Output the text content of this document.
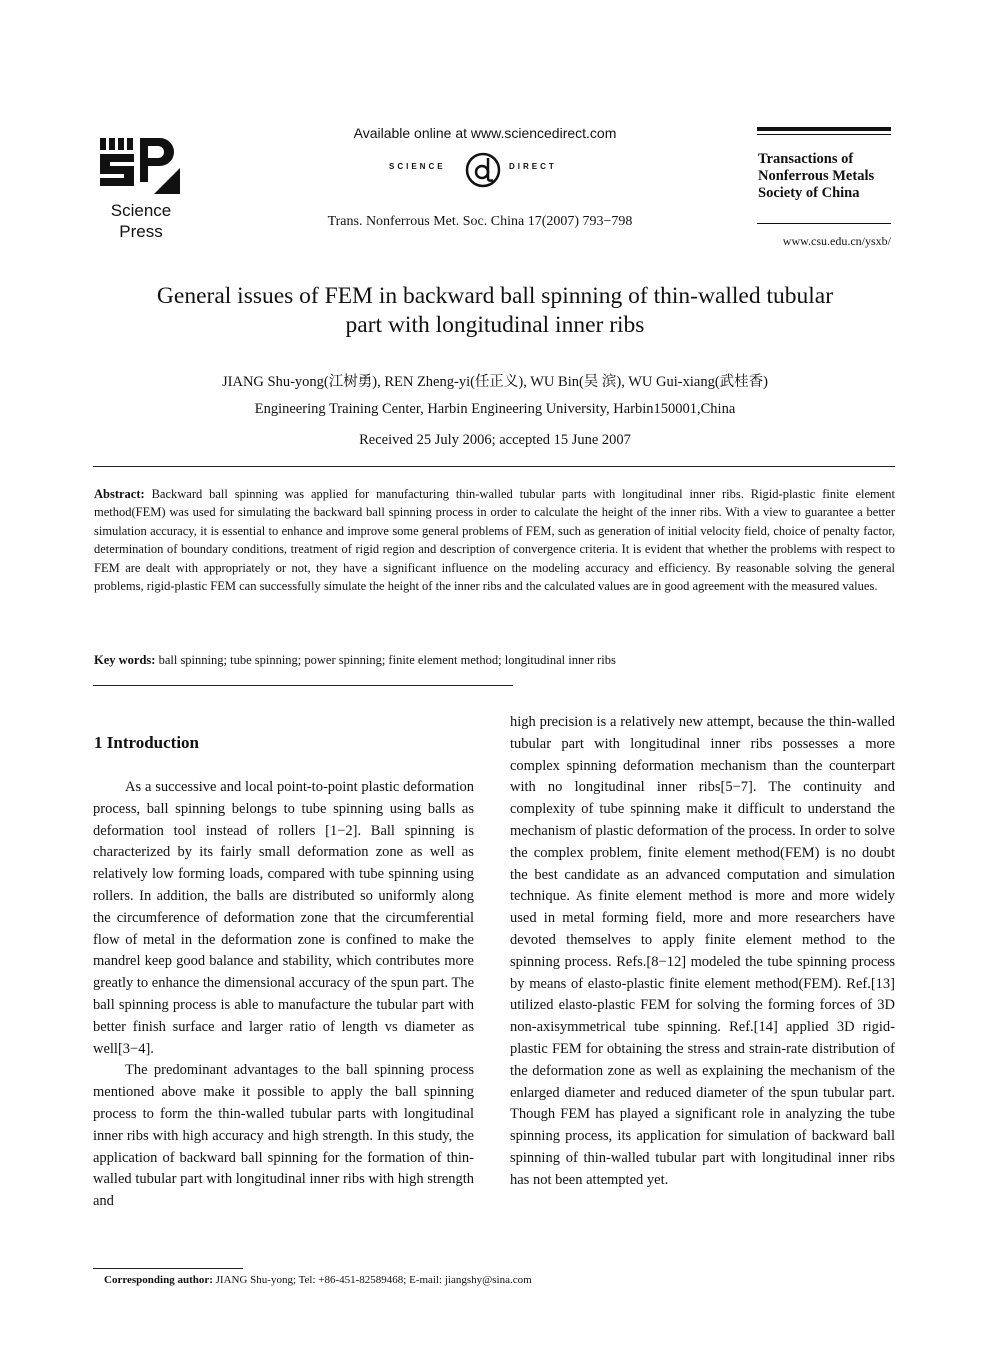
Science Press
Available online at www.sciencedirect.com
SCIENCE	DIRECT
Trans. Nonferrous Met. Soc. China 17(2007) 793−798
Transactions of Nonferrous Metals Society of China
www.csu.edu.cn/ysxb/
General issues of FEM in backward ball spinning of thin-walled tubular part with longitudinal inner ribs
JIANG Shu-yong(江树勇), REN Zheng-yi(任正义), WU Bin(吴 滨), WU Gui-xiang(武桂香)
Engineering Training Center, Harbin Engineering University, Harbin150001,China
Received 25 July 2006; accepted 15 June 2007
Abstract: Backward ball spinning was applied for manufacturing thin-walled tubular parts with longitudinal inner ribs. Rigid-plastic finite element method(FEM) was used for simulating the backward ball spinning process in order to calculate the height of the inner ribs. With a view to guarantee a better simulation accuracy, it is essential to enhance and improve some general problems of FEM, such as generation of initial velocity field, choice of penalty factor, determination of boundary conditions, treatment of rigid region and description of convergence criteria. It is evident that whether the problems with respect to FEM are dealt with appropriately or not, they have a significant influence on the modeling accuracy and efficiency. By reasonable solving the general problems, rigid-plastic FEM can successfully simulate the height of the inner ribs and the calculated values are in good agreement with the measured values.
Key words: ball spinning; tube spinning; power spinning; finite element method; longitudinal inner ribs
1 Introduction

As a successive and local point-to-point plastic deformation process, ball spinning belongs to tube spinning using balls as deformation tool instead of rollers [1−2]. Ball spinning is characterized by its fairly small deformation zone as well as relatively low forming loads, compared with tube spinning using rollers. In addition, the balls are distributed so uniformly along the circumference of deformation zone that the circumferential flow of metal in the deformation zone is confined to make the mandrel keep good balance and stability, which contributes more greatly to enhance the dimensional accuracy of the spun part. The ball spinning process is able to manufacture the tubular part with better finish surface and larger ratio of length vs diameter as well[3−4].

The predominant advantages to the ball spinning process mentioned above make it possible to apply the ball spinning process to form the thin-walled tubular parts with longitudinal inner ribs with high accuracy and high strength. In this study, the application of backward ball spinning for the formation of thin-walled tubular part with longitudinal inner ribs with high strength and

high precision is a relatively new attempt, because the thin-walled tubular part with longitudinal inner ribs possesses a more complex spinning deformation mechanism than the counterpart with no longitudinal inner ribs[5−7]. The continuity and complexity of tube spinning make it difficult to understand the mechanism of plastic deformation of the process. In order to solve the complex problem, finite element method(FEM) is no doubt the best candidate as an advanced computation and simulation technique. As finite element method is more and more widely used in metal forming field, more and more researchers have devoted themselves to apply finite element method to the spinning process. Refs.[8−12] modeled the tube spinning process by means of elasto-plastic finite element method(FEM). Ref.[13] utilized elasto-plastic FEM for solving the forming forces of 3D non-axisymmetrical tube spinning. Ref.[14] applied 3D rigid-plastic FEM for obtaining the stress and strain-rate distribution of the deformation zone as well as explaining the mechanism of the enlarged diameter and reduced diameter of the spun tubular part. Though FEM has played a significant role in analyzing the tube spinning process, its application for simulation of backward ball spinning of thin-walled tubular part with longitudinal inner ribs has not been attempted yet.

Corresponding author: JIANG Shu-yong; Tel: +86-451-82589468; E-mail: jiangshy@sina.com
